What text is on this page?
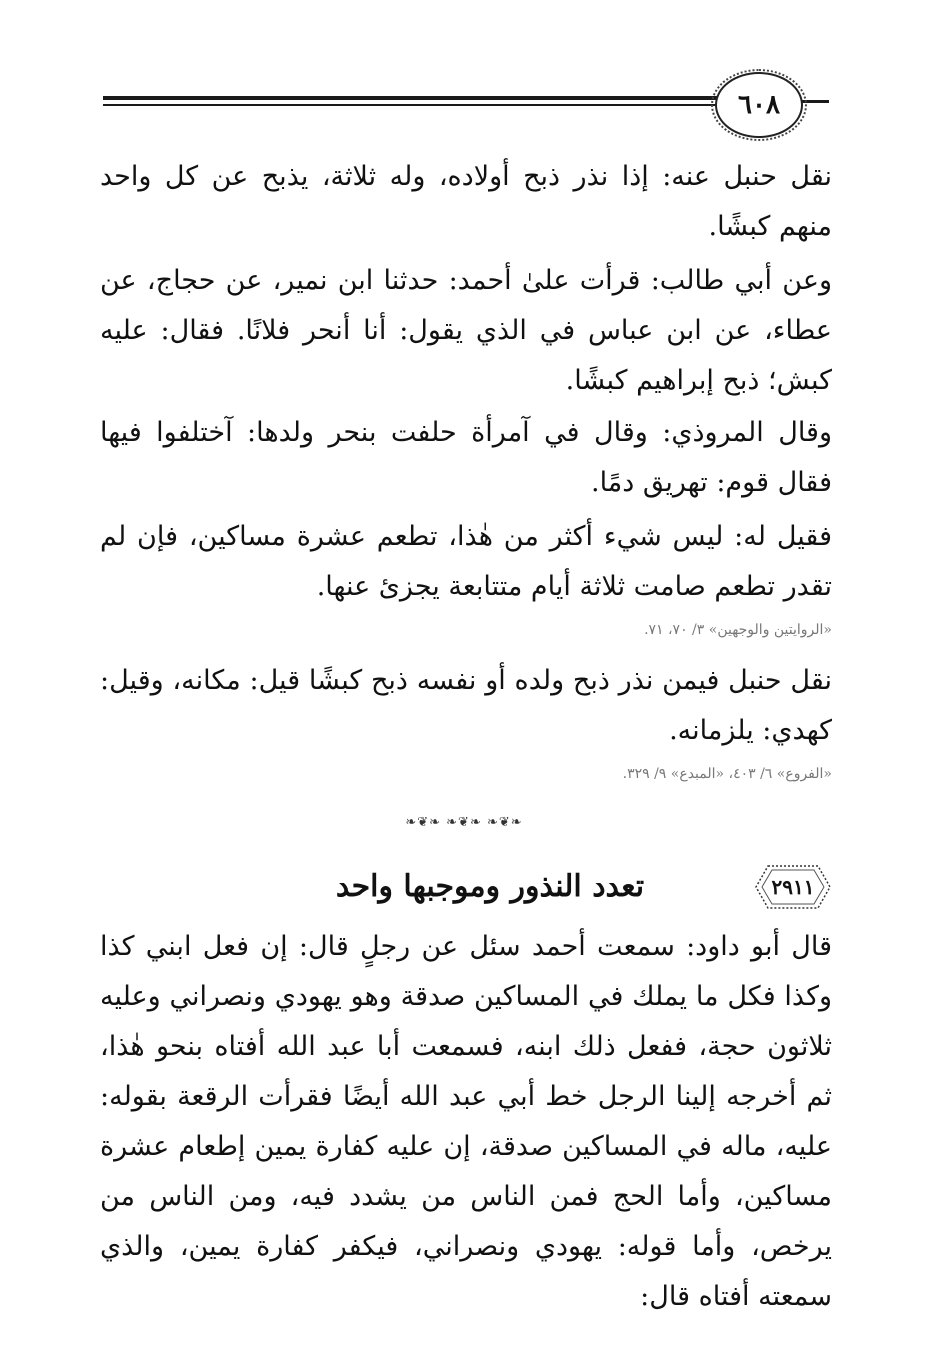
٦٠٨

نقل حنبل عنه: إذا نذر ذبح أولاده، وله ثلاثة، يذبح عن كل واحد منهم كبشًا.

وعن أبي طالب: قرأت علىٰ أحمد: حدثنا ابن نمير، عن حجاج، عن عطاء، عن ابن عباس في الذي يقول: أنا أنحر فلانًا. فقال: عليه كبش؛ ذبح إبراهيم كبشًا.

وقال المروذي: وقال في آمرأة حلفت بنحر ولدها: آختلفوا فيها فقال قوم: تهريق دمًا.

فقيل له: ليس شيء أكثر من هٰذا، تطعم عشرة مساكين، فإن لم تقدر تطعم صامت ثلاثة أيام متتابعة يجزئ عنها.

«الروايتين والوجهين» ٣/ ٧٠، ٧١.

نقل حنبل فيمن نذر ذبح ولده أو نفسه ذبح كبشًا قيل: مكانه، وقيل: كهدي: يلزمانه.

«الفروع» ٦/ ٤٠٣، «المبدع» ٩/ ٣٢٩.

❧❦❧ ❧❦❧ ❧❦❧
تعدد النذور وموجبها واحد	٢٩١١

قال أبو داود: سمعت أحمد سئل عن رجلٍ قال: إن فعل ابني كذا وكذا فكل ما يملك في المساكين صدقة وهو يهودي ونصراني وعليه ثلاثون حجة، ففعل ذلك ابنه، فسمعت أبا عبد الله أفتاه بنحو هٰذا، ثم أخرجه إلينا الرجل خط أبي عبد الله أيضًا فقرأت الرقعة بقوله: عليه، ماله في المساكين صدقة، إن عليه كفارة يمين إطعام عشرة مساكين، وأما الحج فمن الناس من يشدد فيه، ومن الناس من يرخص، وأما قوله: يهودي ونصراني، فيكفر كفارة يمين، والذي سمعته أفتاه قال:
